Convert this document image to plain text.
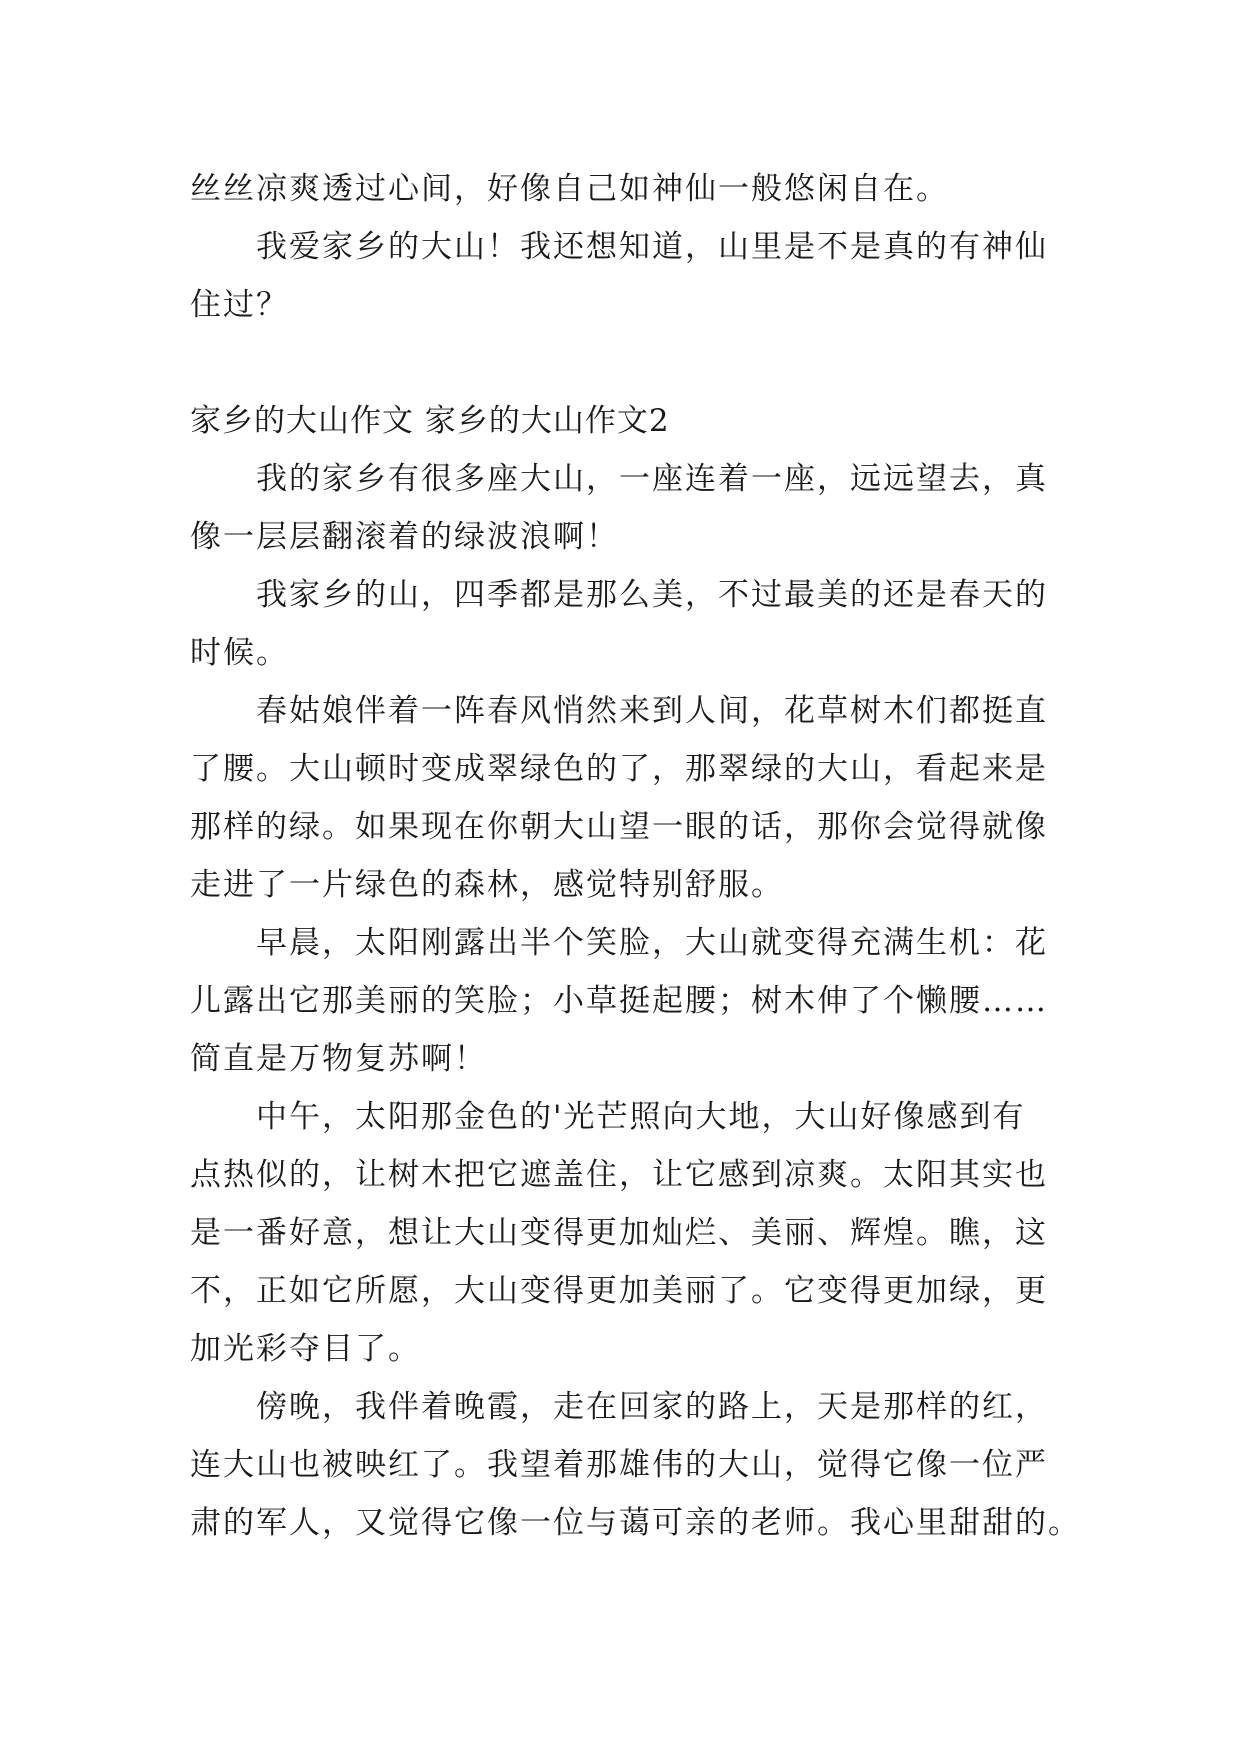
丝丝凉爽透过心间，好像自己如神仙一般悠闲自在。
我爱家乡的大山！我还想知道，山里是不是真的有神仙
住过？
家乡的大山作文 家乡的大山作文2
我的家乡有很多座大山，一座连着一座，远远望去，真
像一层层翻滚着的绿波浪啊！
我家乡的山，四季都是那么美，不过最美的还是春天的
时候。
春姑娘伴着一阵春风悄然来到人间，花草树木们都挺直
了腰。大山顿时变成翠绿色的了，那翠绿的大山，看起来是
那样的绿。如果现在你朝大山望一眼的话，那你会觉得就像
走进了一片绿色的森林，感觉特别舒服。
早晨，太阳刚露出半个笑脸，大山就变得充满生机：花
儿露出它那美丽的笑脸；小草挺起腰；树木伸了个懒腰……
简直是万物复苏啊！
中午，太阳那金色的'光芒照向大地，大山好像感到有
点热似的，让树木把它遮盖住，让它感到凉爽。太阳其实也
是一番好意，想让大山变得更加灿烂、美丽、辉煌。瞧，这
不，正如它所愿，大山变得更加美丽了。它变得更加绿，更
加光彩夺目了。
傍晚，我伴着晚霞，走在回家的路上，天是那样的红，
连大山也被映红了。我望着那雄伟的大山，觉得它像一位严
肃的军人，又觉得它像一位与蔼可亲的老师。我心里甜甜的。
